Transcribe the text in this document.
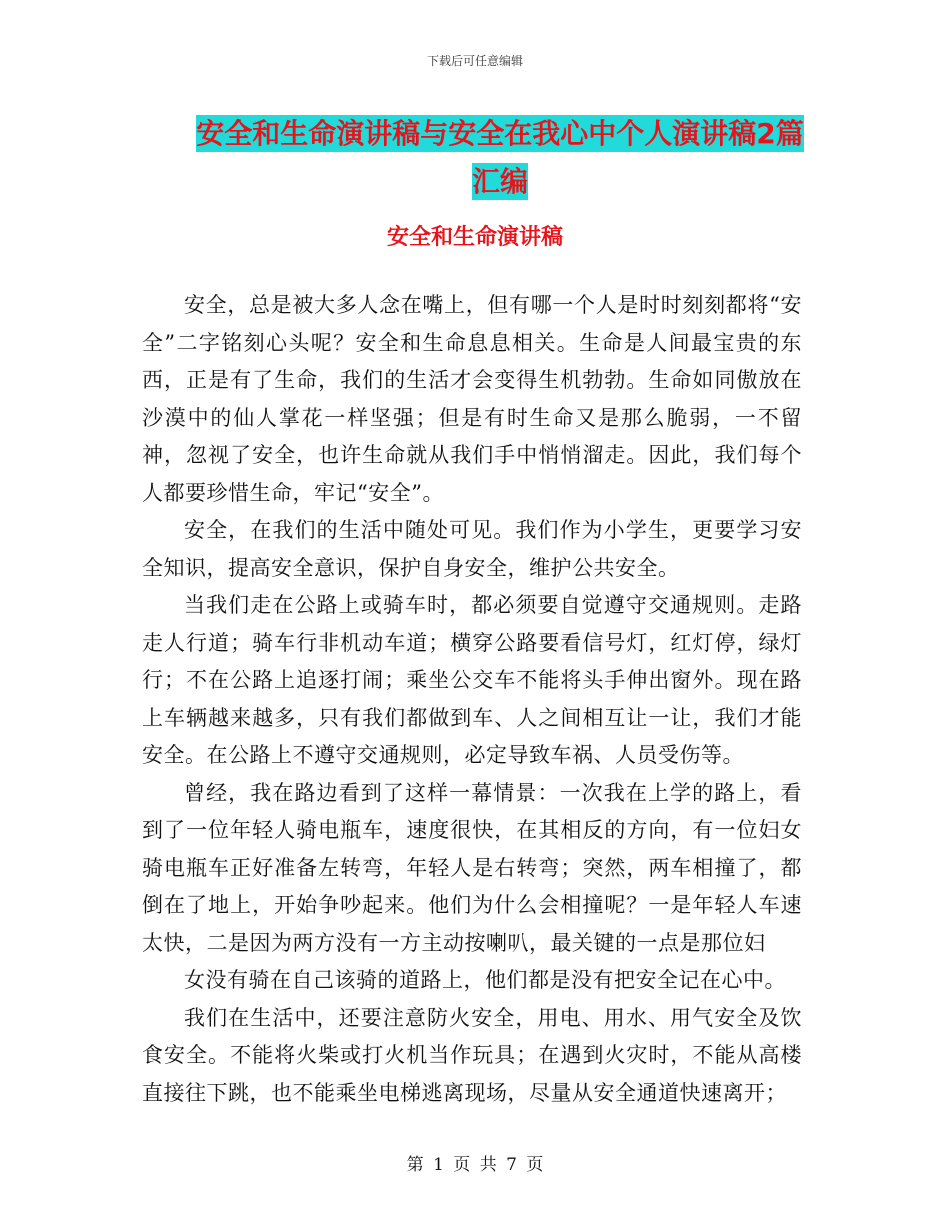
下载后可任意编辑
安全和生命演讲稿与安全在我心中个人演讲稿2篇汇编
安全和生命演讲稿

安全，总是被大多人念在嘴上，但有哪一个人是时时刻刻都将“安全”二字铭刻心头呢？安全和生命息息相关。生命是人间最宝贵的东西，正是有了生命，我们的生活才会变得生机勃勃。生命如同傲放在沙漠中的仙人掌花一样坚强；但是有时生命又是那么脆弱，一不留神，忽视了安全，也许生命就从我们手中悄悄溜走。因此，我们每个人都要珍惜生命，牢记“安全”。

安全，在我们的生活中随处可见。我们作为小学生，更要学习安全知识，提高安全意识，保护自身安全，维护公共安全。

当我们走在公路上或骑车时，都必须要自觉遵守交通规则。走路走人行道；骑车行非机动车道；横穿公路要看信号灯，红灯停，绿灯行；不在公路上追逐打闹；乘坐公交车不能将头手伸出窗外。现在路上车辆越来越多，只有我们都做到车、人之间相互让一让，我们才能安全。在公路上不遵守交通规则，必定导致车祸、人员受伤等。

曾经，我在路边看到了这样一幕情景：一次我在上学的路上，看到了一位年轻人骑电瓶车，速度很快，在其相反的方向，有一位妇女骑电瓶车正好准备左转弯，年轻人是右转弯；突然，两车相撞了，都倒在了地上，开始争吵起来。他们为什么会相撞呢？一是年轻人车速太快，二是因为两方没有一方主动按喇叭，最关键的一点是那位妇

女没有骑在自己该骑的道路上，他们都是没有把安全记在心中。

我们在生活中，还要注意防火安全，用电、用水、用气安全及饮食安全。不能将火柴或打火机当作玩具；在遇到火灾时，不能从高楼直接往下跳，也不能乘坐电梯逃离现场，尽量从安全通道快速离开；

第 1 页 共 7 页
